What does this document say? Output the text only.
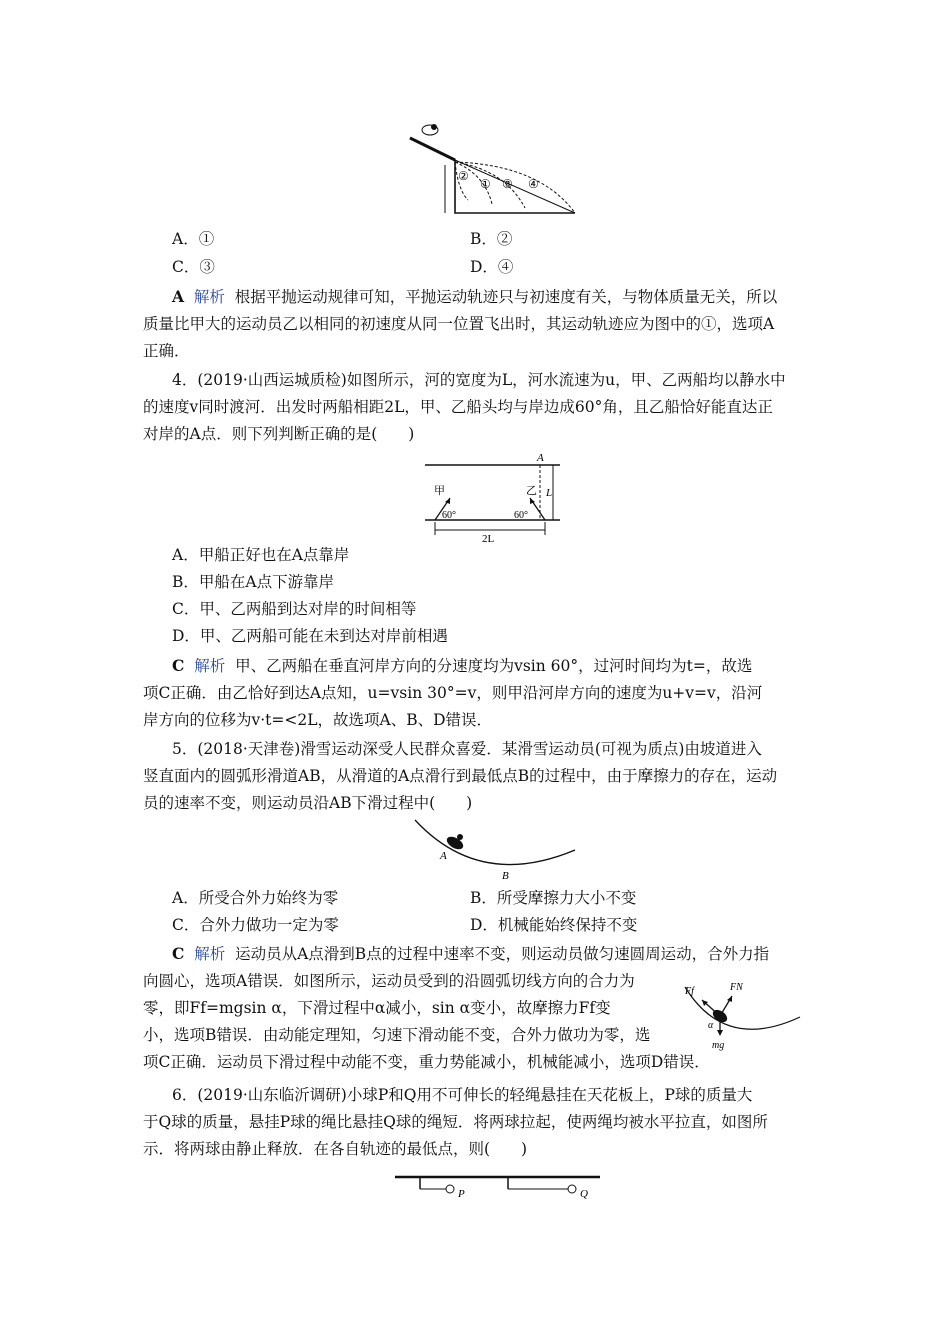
②
① ③ ④
A．①	B．②
C．③	D．④
A 解析 根据平抛运动规律可知，平抛运动轨迹只与初速度有关，与物体质量无关，所以
质量比甲大的运动员乙以相同的初速度从同一位置飞出时，其运动轨迹应为图中的①，选项A
正确．
4．(2019·山西运城质检)如图所示，河的宽度为L，河水流速为u，甲、乙两船均以静水中
的速度v同时渡河．出发时两船相距2L，甲、乙船头均与岸边成60°角，且乙船恰好能直达正
对岸的A点．则下列判断正确的是(　　)
A
L
甲	乙
60°	60°
2L
A．甲船正好也在A点靠岸
B．甲船在A点下游靠岸
C．甲、乙两船到达对岸的时间相等
D．甲、乙两船可能在未到达对岸前相遇
C 解析 甲、乙两船在垂直河岸方向的分速度均为vsin 60°，过河时间均为t=，故选
项C正确．由乙恰好到达A点知，u=vsin 30°=v，则甲沿河岸方向的速度为u+v=v，沿河
岸方向的位移为v·t=<2L，故选项A、B、D错误．
5．(2018·天津卷)滑雪运动深受人民群众喜爱．某滑雪运动员(可视为质点)由坡道进入
竖直面内的圆弧形滑道AB，从滑道的A点滑行到最低点B的过程中，由于摩擦力的存在，运动
员的速率不变，则运动员沿AB下滑过程中(　　)
A
B
A．所受合外力始终为零	B．所受摩擦力大小不变
C．合外力做功一定为零	D．机械能始终保持不变
C 解析 运动员从A点滑到B点的过程中速率不变，则运动员做匀速圆周运动，合外力指
向圆心，选项A错误．如图所示，运动员受到的沿圆弧切线方向的合力为
零，即Ff=mgsin α，下滑过程中α减小，sin α变小，故摩擦力Ff变
小，选项B错误．由动能定理知，匀速下滑动能不变，合外力做功为零，选
项C正确．运动员下滑过程中动能不变，重力势能减小，机械能减小，选项D错误．
Ff	FN
α
mg
6．(2019·山东临沂调研)小球P和Q用不可伸长的轻绳悬挂在天花板上，P球的质量大
于Q球的质量，悬挂P球的绳比悬挂Q球的绳短．将两球拉起，使两绳均被水平拉直，如图所
示．将两球由静止释放．在各自轨迹的最低点，则(　　)
P	Q
